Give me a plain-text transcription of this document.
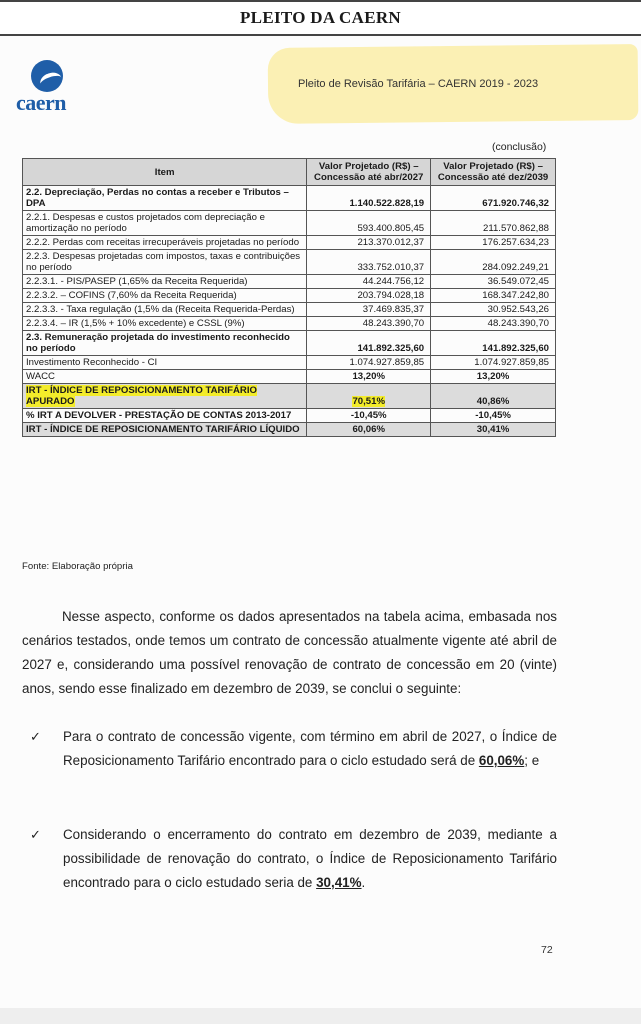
PLEITO DA CAERN
caern
Pleito de Revisão Tarifária – CAERN 2019 - 2023
(conclusão)
Item	Valor Projetado (R$) – Concessão até abr/2027	Valor Projetado (R$) – Concessão até dez/2039
2.2. Depreciação, Perdas no contas a receber e Tributos – DPA	1.140.522.828,19	671.920.746,32
2.2.1. Despesas e custos projetados com depreciação e amortização no período	593.400.805,45	211.570.862,88
2.2.2. Perdas com receitas irrecuperáveis projetadas no período	213.370.012,37	176.257.634,23
2.2.3. Despesas projetadas com impostos, taxas e contribuições no período	333.752.010,37	284.092.249,21
2.2.3.1. - PIS/PASEP (1,65% da Receita Requerida)	44.244.756,12	36.549.072,45
2.2.3.2. – COFINS (7,60% da Receita Requerida)	203.794.028,18	168.347.242,80
2.2.3.3. - Taxa regulação (1,5% da (Receita Requerida-Perdas)	37.469.835,37	30.952.543,26
2.2.3.4. – IR (1,5% + 10% excedente) e CSSL (9%)	48.243.390,70	48.243.390,70
2.3. Remuneração projetada do investimento reconhecido no período	141.892.325,60	141.892.325,60
Investimento Reconhecido - CI	1.074.927.859,85	1.074.927.859,85
WACC	13,20%	13,20%
IRT - ÍNDICE DE REPOSICIONAMENTO TARIFÁRIO APURADO	70,51%	40,86%
% IRT A DEVOLVER - PRESTAÇÃO DE CONTAS 2013-2017	-10,45%	-10,45%
IRT - ÍNDICE DE REPOSICIONAMENTO TARIFÁRIO LÍQUIDO	60,06%	30,41%
Fonte: Elaboração própria
Nesse aspecto, conforme os dados apresentados na tabela acima, embasada nos cenários testados, onde temos um contrato de concessão atualmente vigente até abril de 2027 e, considerando uma possível renovação de contrato de concessão em 20 (vinte) anos, sendo esse finalizado em dezembro de 2039, se conclui o seguinte:
✓ Para o contrato de concessão vigente, com término em abril de 2027, o Índice de Reposicionamento Tarifário encontrado para o ciclo estudado será de 60,06%; e
✓ Considerando o encerramento do contrato em dezembro de 2039, mediante a possibilidade de renovação do contrato, o Índice de Reposicionamento Tarifário encontrado para o ciclo estudado seria de 30,41%.
72
